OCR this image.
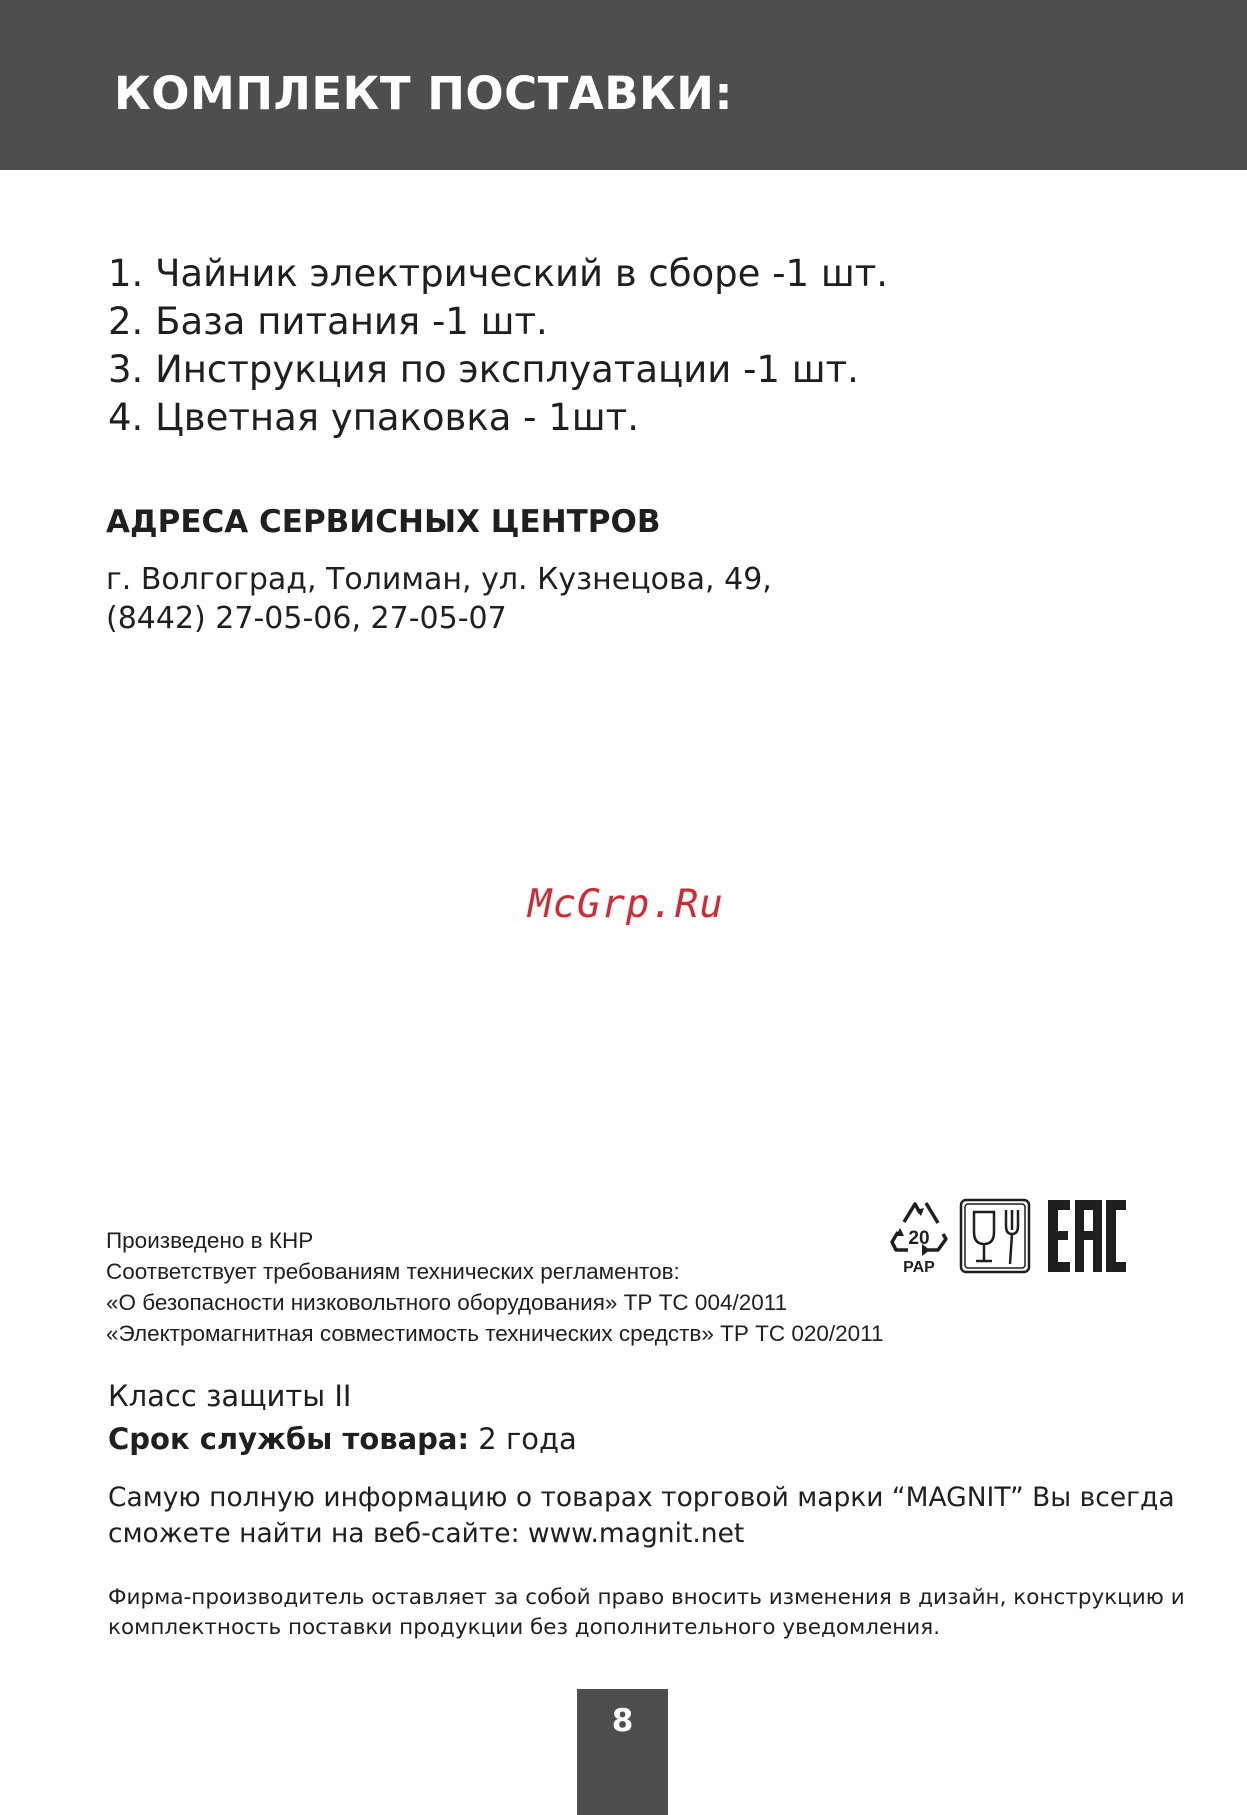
КОМПЛЕКТ ПОСТАВКИ:
1. Чайник электрический в сборе -1 шт.
2. База питания -1 шт.
3. Инструкция по эксплуатации -1 шт.
4. Цветная упаковка - 1шт.
АДРЕСА СЕРВИСНЫХ ЦЕНТРОВ
г. Волгоград, Толиман, ул. Кузнецова, 49,
(8442) 27-05-06, 27-05-07
McGrp.Ru
Произведено в КНР
Соответствует требованиям технических регламентов:
«О безопасности низковольтного оборудования» ТР ТС 004/2011
«Электромагнитная совместимость технических средств» ТР ТС 020/2011
20
PAP
Класс защиты II
Срок службы товара: 2 года
Самую полную информацию о товарах торговой марки “MAGNIT” Вы всегда
сможете найти на веб-сайте: www.magnit.net
Фирма-производитель оставляет за собой право вносить изменения в дизайн, конструкцию и
комплектность поставки продукции без дополнительного уведомления.
8
